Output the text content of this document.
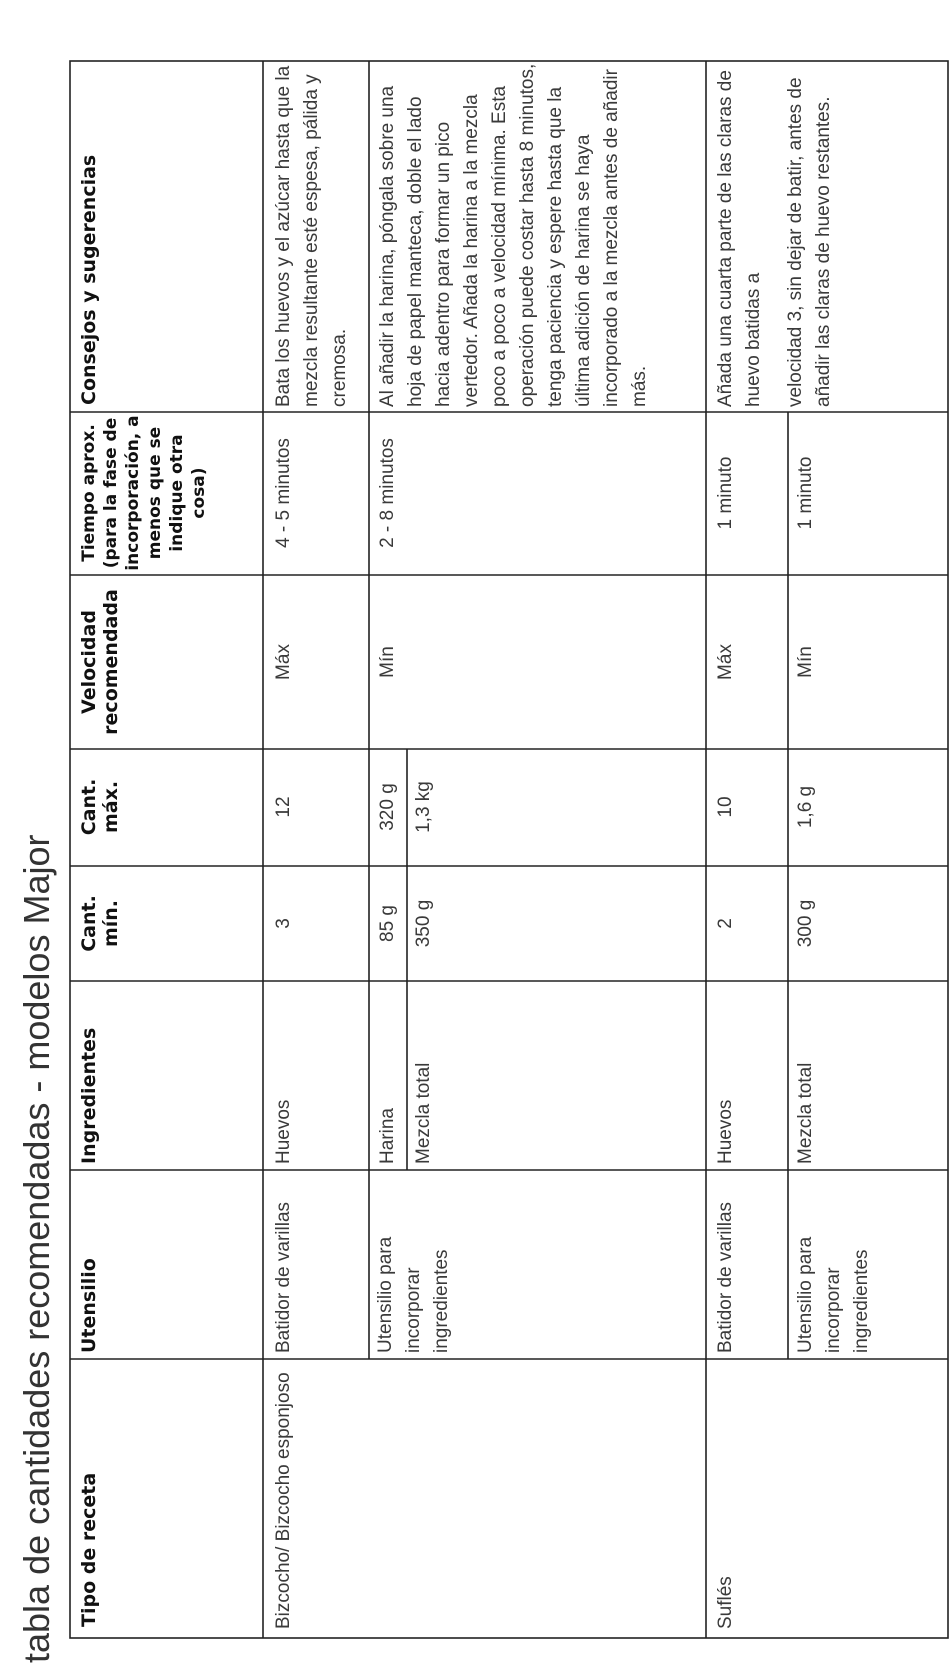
tabla de cantidades recomendadas - modelos Major Tipo de receta
Utensilio
Ingredientes
Cant. mín.
Cant. máx.
Velocidad recomendada
Tiempo aprox. (para la fase de incorporación, a menos que se indique otra cosa)
Consejos y sugerencias
Bizcocho/ Bizcocho esponjoso
Batidor de varillas
Huevos
3
12
Máx
4 - 5 minutos
Bata los huevos y el azúcar hasta que la mezcla resultante esté espesa, pálida y cremosa.
Utensilio para incorporar ingredientes
Harina
85 g
320 g
Mezcla total
350 g
1,3 kg
Mín
2 - 8 minutos
Al añadir la harina, póngala sobre una hoja de papel manteca, doble el lado hacia adentro para formar un pico vertedor. Añada la harina a la mezcla poco a poco a velocidad mínima. Esta operación puede costar hasta 8 minutos, tenga paciencia y espere hasta que la última adición de harina se haya incorporado a la mezcla antes de añadir más.
Suflés
Batidor de varillas
Huevos
2
10
Máx
1 minuto
Añada una cuarta parte de las claras de huevo batidas a
Utensilio para incorporar ingredientes
Mezcla total
300 g
1,6 g
Mín
1 minuto
velocidad 3, sin dejar de batir, antes de añadir las claras de huevo restantes.
